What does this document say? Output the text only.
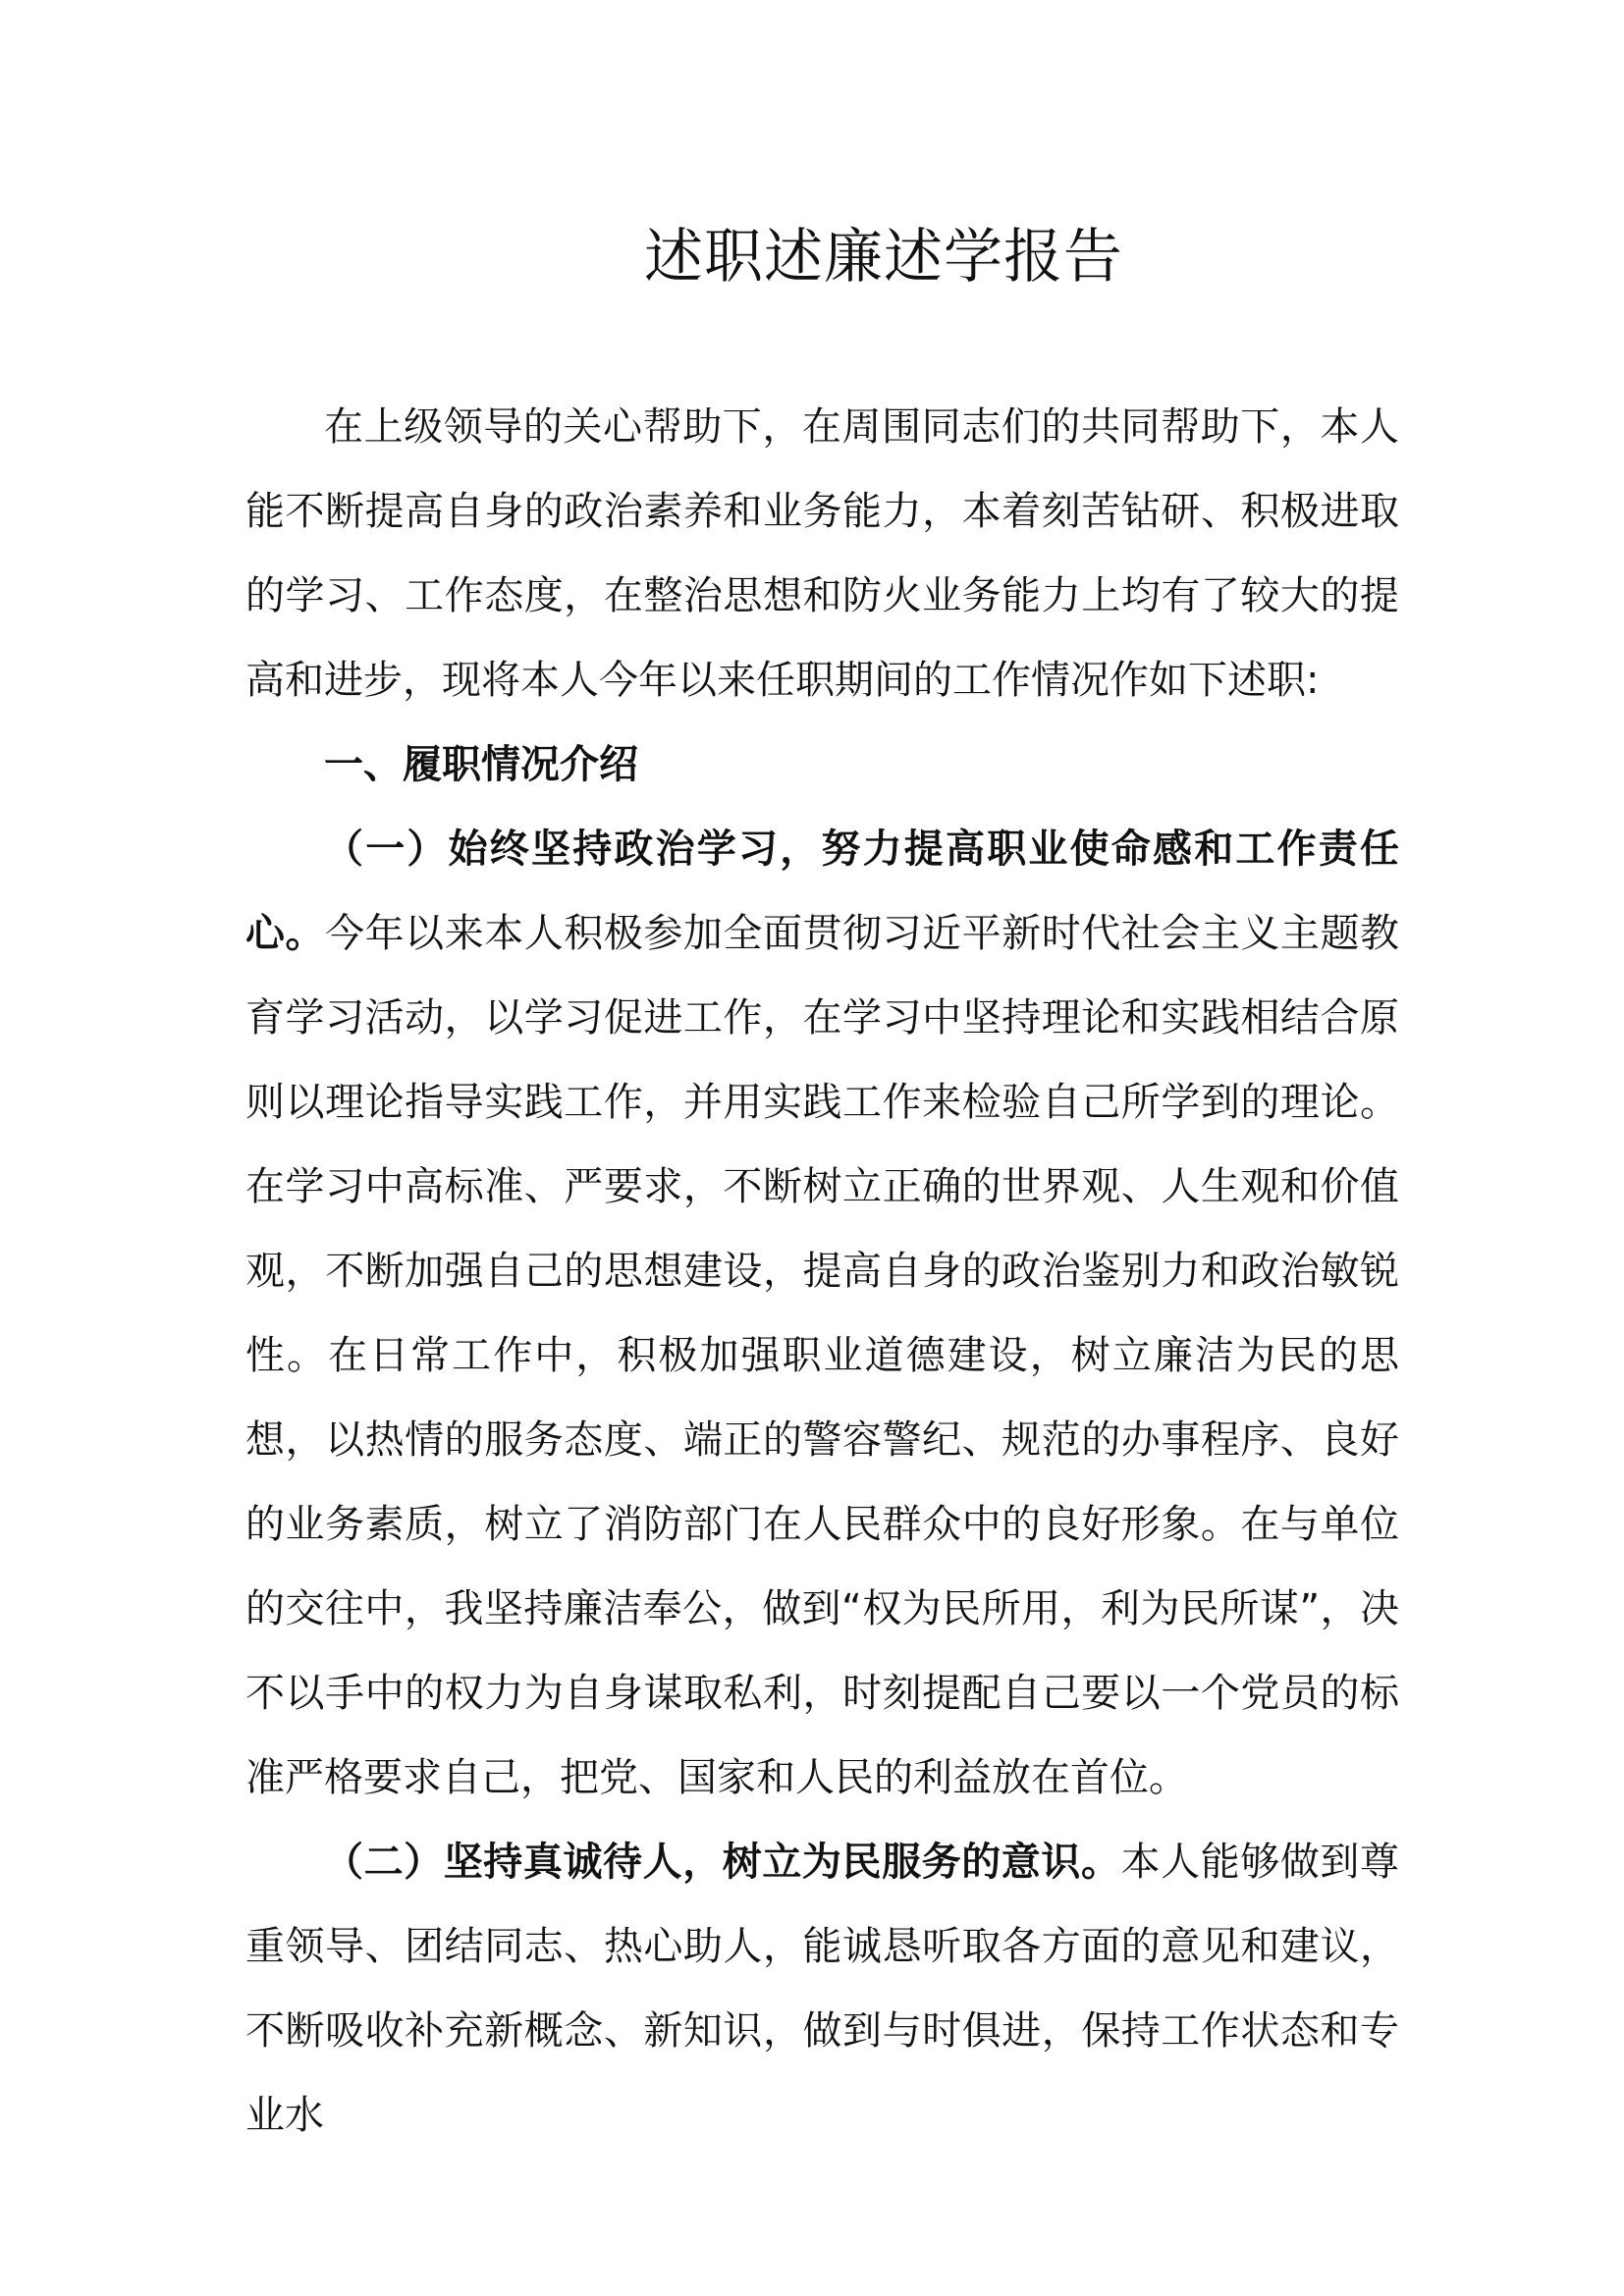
述职述廉述学报告

在上级领导的关心帮助下，在周围同志们的共同帮助下，本人能不断提高自身的政治素养和业务能力，本着刻苦钻研、积极进取的学习、工作态度，在整治思想和防火业务能力上均有了较大的提高和进步，现将本人今年以来任职期间的工作情况作如下述职:

一、履职情况介绍

（一）始终坚持政治学习，努力提高职业使命感和工作责任心。今年以来本人积极参加全面贯彻习近平新时代社会主义主题教育学习活动，以学习促进工作，在学习中坚持理论和实践相结合原则以理论指导实践工作，并用实践工作来检验自己所学到的理论。在学习中高标准、严要求，不断树立正确的世界观、人生观和价值观，不断加强自己的思想建设，提高自身的政治鉴别力和政治敏锐性。在日常工作中，积极加强职业道德建设，树立廉洁为民的思想，以热情的服务态度、端正的警容警纪、规范的办事程序、良好的业务素质，树立了消防部门在人民群众中的良好形象。在与单位的交往中，我坚持廉洁奉公，做到“权为民所用，利为民所谋”，决不以手中的权力为自身谋取私利，时刻提配自己要以一个党员的标准严格要求自己，把党、国家和人民的利益放在首位。

（二）坚持真诚待人，树立为民服务的意识。本人能够做到尊重领导、团结同志、热心助人，能诚恳听取各方面的意见和建议，不断吸收补充新概念、新知识，做到与时俱进，保持工作状态和专业水
